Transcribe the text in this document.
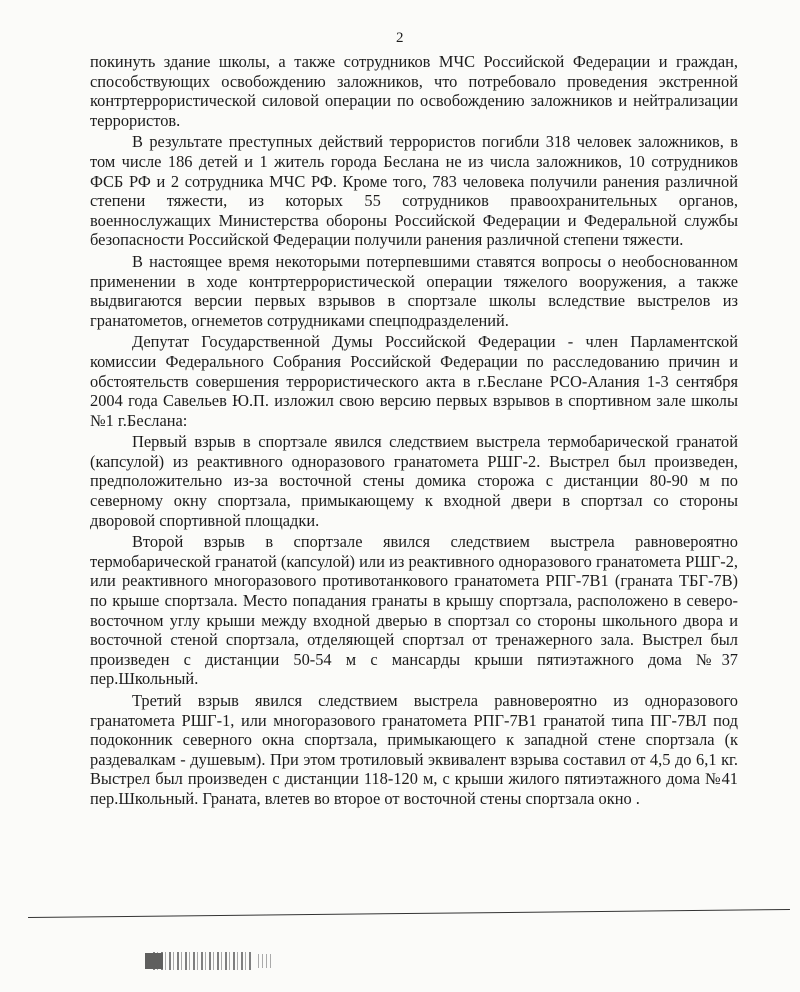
2

покинуть здание школы, а также сотрудников МЧС Российской Федерации и граждан, способствующих освобождению заложников, что потребовало проведения экстренной контртеррористической силовой операции по освобождению заложников и нейтрализации террористов.

В результате преступных действий террористов погибли 318 человек заложников, в том числе 186 детей и 1 житель города Беслана не из числа заложников, 10 сотрудников ФСБ РФ и 2 сотрудника МЧС РФ. Кроме того, 783 человека получили ранения различной степени тяжести, из которых 55 сотрудников правоохранительных органов, военнослужащих Министерства обороны Российской Федерации и Федеральной службы безопасности Российской Федерации получили ранения различной степени тяжести.

В настоящее время некоторыми потерпевшими ставятся вопросы о необоснованном применении в ходе контртеррористической операции тяжелого вооружения, а также выдвигаются версии первых взрывов в спортзале школы вследствие выстрелов из гранатометов, огнеметов сотрудниками спецподразделений.

Депутат Государственной Думы Российской Федерации - член Парламентской комиссии Федерального Собрания Российской Федерации по расследованию причин и обстоятельств совершения террористического акта в г.Беслане РСО-Алания 1-3 сентября 2004 года Савельев Ю.П. изложил свою версию первых взрывов в спортивном зале школы №1 г.Беслана:

Первый взрыв в спортзале явился следствием выстрела термобарической гранатой (капсулой) из реактивного одноразового гранатомета РШГ-2. Выстрел был произведен, предположительно из-за восточной стены домика сторожа с дистанции 80-90 м по северному окну спортзала, примыкающему к входной двери в спортзал со стороны дворовой спортивной площадки.

Второй взрыв в спортзале явился следствием выстрела равновероятно термобарической гранатой (капсулой) или из реактивного одноразового гранатомета РШГ-2, или реактивного многоразового противотанкового гранатомета РПГ-7В1 (граната ТБГ-7В) по крыше спортзала. Место попадания гранаты в крышу спортзала, расположено в северо-восточном углу крыши между входной дверью в спортзал со стороны школьного двора и восточной стеной спортзала, отделяющей спортзал от тренажерного зала. Выстрел был произведен с дистанции 50-54 м с мансарды крыши пятиэтажного дома №37 пер.Школьный.

Третий взрыв явился следствием выстрела равновероятно из одноразового гранатомета РШГ-1, или многоразового гранатомета РПГ-7В1 гранатой типа ПГ-7ВЛ под подоконник северного окна спортзала, примыкающего к западной стене спортзала (к раздевалкам - душевым). При этом тротиловый эквивалент взрыва составил от 4,5 до 6,1 кг. Выстрел был произведен с дистанции 118-120 м, с крыши жилого пятиэтажного дома №41 пер.Школьный. Граната, влетев во второе от восточной стены спортзала окно .
